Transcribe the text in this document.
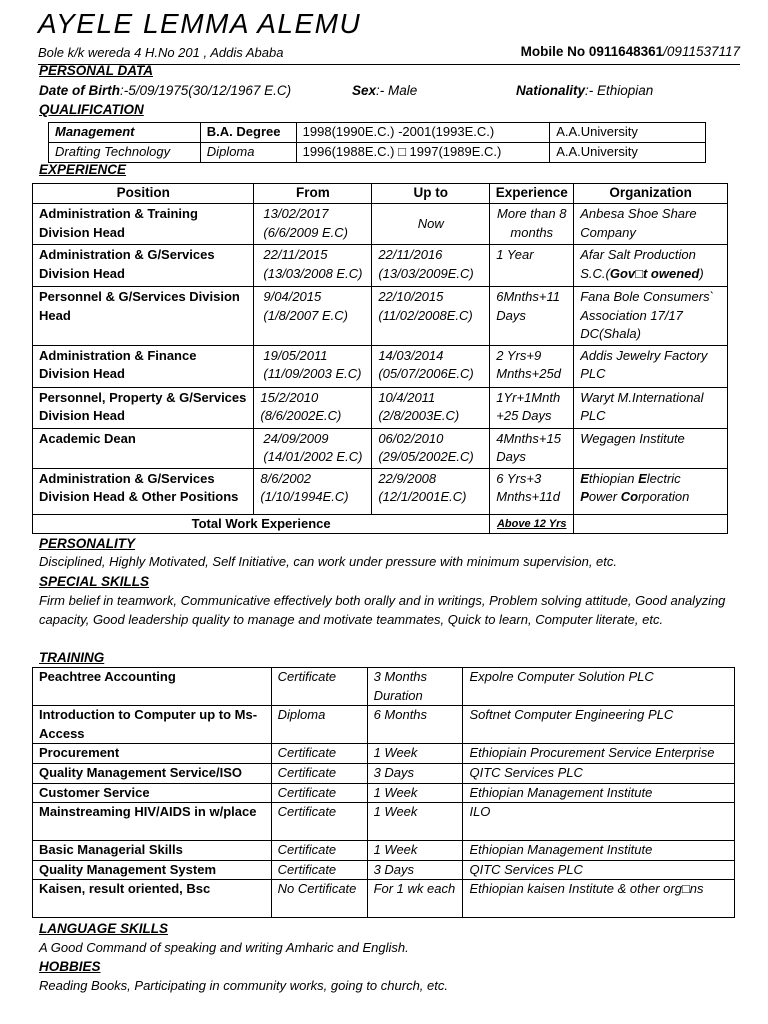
AYELE LEMMA ALEMU
Bole k/k wereda 4 H.No 201 , Addis Ababa	Mobile No 0911648361/0911537117
PERSONAL DATA
Date of Birth:-5/09/1975(30/12/1967 E.C)	Sex:- Male	Nationality:- Ethiopian
QUALIFICATION
Management	B.A. Degree	1998(1990E.C.) -2001(1993E.C.)	A.A.University
Drafting Technology	Diploma	1996(1988E.C.) □ 1997(1989E.C.)	A.A.University
EXPERIENCE
Position	From	Up to	Experience	Organization
Administration & Training Division Head	13/02/2017 (6/6/2009 E.C)	Now	More than 8 months	Anbesa Shoe Share Company
Administration & G/Services Division Head	22/11/2015 (13/03/2008 E.C)	22/11/2016 (13/03/2009E.C)	1 Year	Afar Salt Production S.C.(Gov□t owened)
Personnel & G/Services Division Head	9/04/2015 (1/8/2007 E.C)	22/10/2015 (11/02/2008E.C)	6Mnths+11 Days	Fana Bole Consumers` Association 17/17 DC(Shala)
Administration & Finance Division Head	19/05/2011 (11/09/2003 E.C)	14/03/2014 (05/07/2006E.C)	2 Yrs+9 Mnths+25d	Addis Jewelry Factory PLC
Personnel, Property & G/Services Division Head	15/2/2010 (8/6/2002E.C)	10/4/2011 (2/8/2003E.C)	1Yr+1Mnth +25 Days	Waryt M.International PLC
Academic Dean	24/09/2009 (14/01/2002 E.C)	06/02/2010 (29/05/2002E.C)	4Mnths+15 Days	Wegagen Institute
Administration & G/Services Division Head & Other Positions	8/6/2002 (1/10/1994E.C)	22/9/2008 (12/1/2001E.C)	6 Yrs+3 Mnths+11d	Ethiopian Electric
Power Corporation
Total Work Experience			Above 12 Yrs	
PERSONALITY
Disciplined, Highly Motivated, Self Initiative, can work under pressure with minimum supervision, etc.
SPECIAL SKILLS
Firm belief in teamwork, Communicative effectively both orally and in writings, Problem solving attitude, Good analyzing capacity, Good leadership quality to manage and motivate teammates, Quick to learn, Computer literate, etc.
TRAINING
Peachtree Accounting	Certificate	3 Months Duration	Expolre Computer Solution PLC
Introduction to Computer up to Ms-Access	Diploma	6 Months	Softnet Computer Engineering PLC
Procurement	Certificate	1 Week	Ethiopiain Procurement Service Enterprise
Quality Management Service/ISO	Certificate	3 Days	QITC Services PLC
Customer Service	Certificate	1 Week	Ethiopian Management Institute
Mainstreaming HIV/AIDS in w/place	Certificate	1 Week	ILO
Basic Managerial Skills	Certificate	1 Week	Ethiopian Management Institute
Quality Management System	Certificate	3 Days	QITC Services PLC
Kaisen, result oriented, Bsc	No Certificate	For 1 wk each	Ethiopian kaisen Institute & other org□ns
LANGUAGE SKILLS
A Good Command of speaking and writing Amharic and English.
HOBBIES
Reading Books, Participating in community works, going to church, etc.
